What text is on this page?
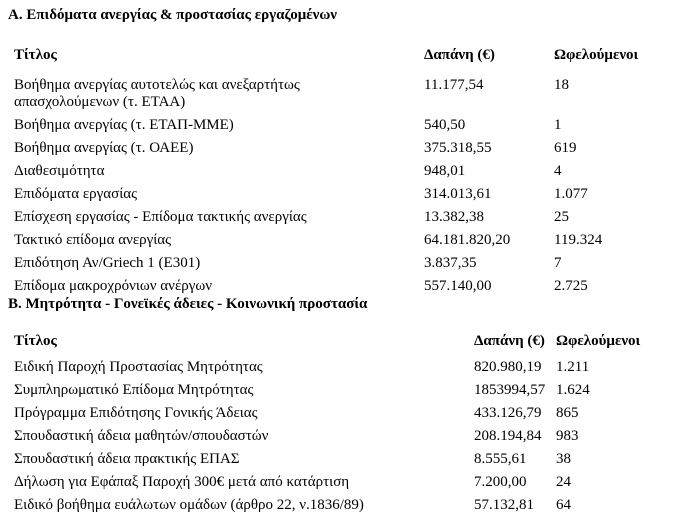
Α. Επιδόματα ανεργίας & προστασίας εργαζομένων
Τίτλος	Δαπάνη (€)	Ωφελούμενοι
Βοήθημα ανεργίας αυτοτελώς και ανεξαρτήτως
απασχολούμενων (τ. ΕΤΑΑ)	11.177,54	18
Βοήθημα ανεργίας (τ. ΕΤΑΠ-ΜΜΕ)	540,50	1
Βοήθημα ανεργίας (τ. ΟΑΕΕ)	375.318,55	619
Διαθεσιμότητα	948,01	4
Επιδόματα εργασίας	314.013,61	1.077
Επίσχεση εργασίας - Επίδομα τακτικής ανεργίας	13.382,38	25
Τακτικό επίδομα ανεργίας	64.181.820,20	119.324
Επιδότηση Αν/Griech 1 (Ε301)	3.837,35	7
Επίδομα μακροχρόνιων ανέργων	557.140,00	2.725
Β. Μητρότητα - Γονεϊκές άδειες - Κοινωνική προστασία
Τίτλος	Δαπάνη (€)	Ωφελούμενοι
Ειδική Παροχή Προστασίας Μητρότητας	820.980,19	1.211
Συμπληρωματικό Επίδομα Μητρότητας	1853994,57	1.624
Πρόγραμμα Επιδότησης Γονικής Άδειας	433.126,79	865
Σπουδαστική άδεια μαθητών/σπουδαστών	208.194,84	983
Σπουδαστική άδεια πρακτικής ΕΠΑΣ	8.555,61	38
Δήλωση για Εφάπαξ Παροχή 300€ μετά από κατάρτιση	7.200,00	24
Ειδικό βοήθημα ευάλωτων ομάδων (άρθρο 22, ν.1836/89)	57.132,81	64
